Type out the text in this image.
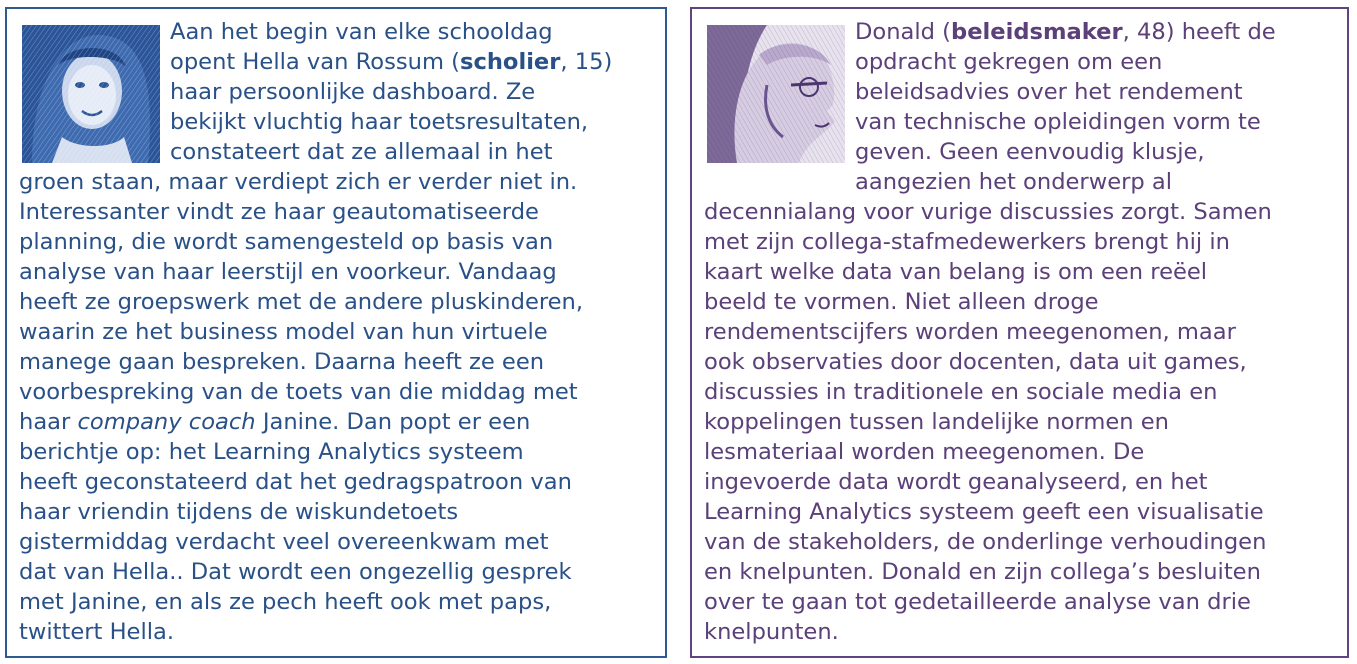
Aan het begin van elke schooldag
opent Hella van Rossum (scholier, 15)
haar persoonlijke dashboard. Ze
bekijkt vluchtig haar toetsresultaten,
constateert dat ze allemaal in het
groen staan, maar verdiept zich er verder niet in.
Interessanter vindt ze haar geautomatiseerde
planning, die wordt samengesteld op basis van
analyse van haar leerstijl en voorkeur. Vandaag
heeft ze groepswerk met de andere pluskinderen,
waarin ze het business model van hun virtuele
manege gaan bespreken. Daarna heeft ze een
voorbespreking van de toets van die middag met
haar company coach Janine. Dan popt er een
berichtje op: het Learning Analytics systeem
heeft geconstateerd dat het gedragspatroon van
haar vriendin tijdens de wiskundetoets
gistermiddag verdacht veel overeenkwam met
dat van Hella.. Dat wordt een ongezellig gesprek
met Janine, en als ze pech heeft ook met paps,
twittert Hella.
Donald (beleidsmaker, 48) heeft de
opdracht gekregen om een
beleidsadvies over het rendement
van technische opleidingen vorm te
geven. Geen eenvoudig klusje,
aangezien het onderwerp al
decennialang voor vurige discussies zorgt. Samen
met zijn collega-stafmedewerkers brengt hij in
kaart welke data van belang is om een reëel
beeld te vormen. Niet alleen droge
rendementscijfers worden meegenomen, maar
ook observaties door docenten, data uit games,
discussies in traditionele en sociale media en
koppelingen tussen landelijke normen en
lesmateriaal worden meegenomen. De
ingevoerde data wordt geanalyseerd, en het
Learning Analytics systeem geeft een visualisatie
van de stakeholders, de onderlinge verhoudingen
en knelpunten. Donald en zijn collega’s besluiten
over te gaan tot gedetailleerde analyse van drie
knelpunten.
